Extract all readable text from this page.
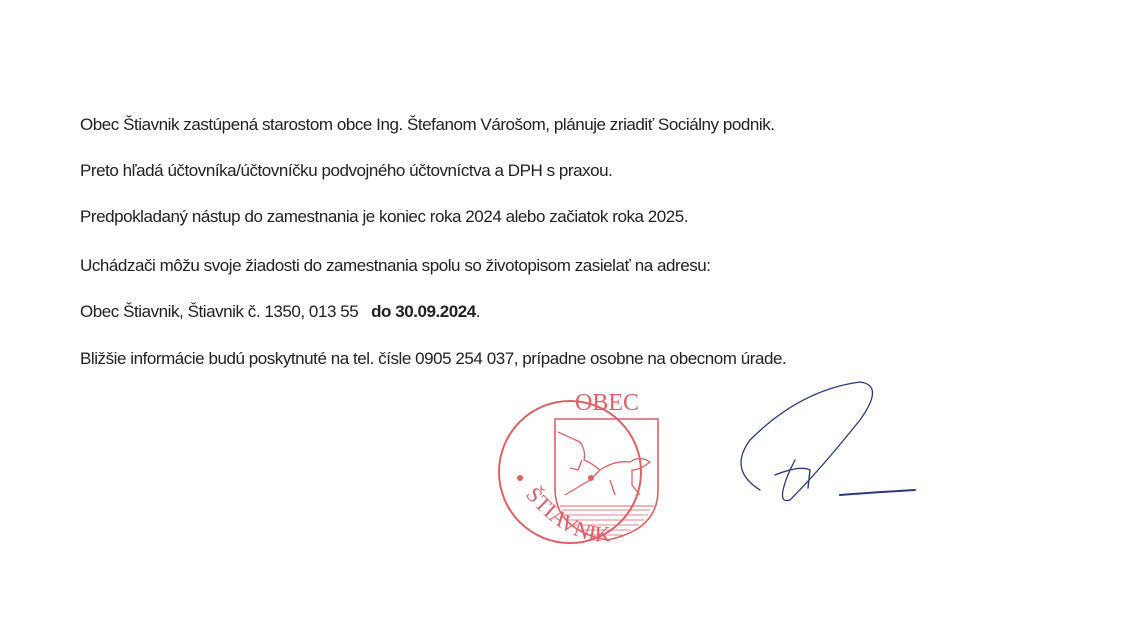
Obec Štiavnik zastúpená starostom obce Ing. Štefanom Várošom, plánuje zriadiť Sociálny podnik.
Preto hľadá účtovníka/účtovníčku podvojného účtovníctva a DPH s praxou.
Predpokladaný nástup do zamestnania je koniec roka 2024 alebo začiatok roka 2025.
Uchádzači môžu svoje žiadosti do zamestnania spolu so životopisom zasielať na adresu:
Obec Štiavnik, Štiavnik č. 1350, 013 55 do 30.09.2024.
Bližšie informácie budú poskytnuté na tel. čísle 0905 254 037, prípadne osobne na obecnom úrade.
OBEC
ŠTIAVNIK
